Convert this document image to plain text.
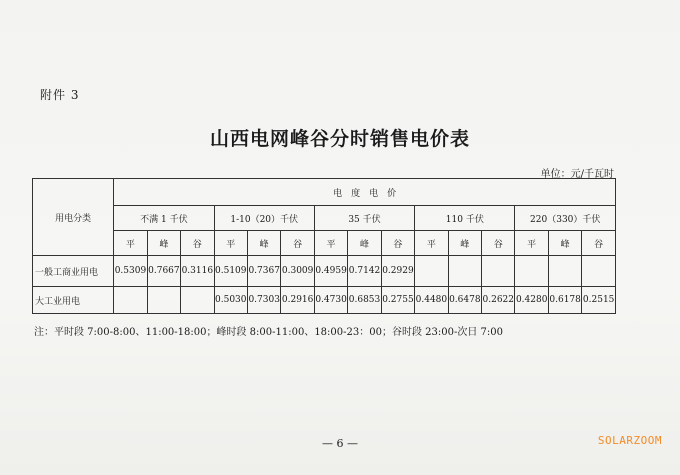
附件 3
山西电网峰谷分时销售电价表
单位：元/千瓦时
用电分类	电　度　电　价														
	不满 1 千伏			1-10（20）千伏			35 千伏			110 千伏			220（330）千伏		
	平	峰	谷	平	峰	谷	平	峰	谷	平	峰	谷	平	峰	谷
一般工商业用电	0.5309	0.7667	0.3116	0.5109	0.7367	0.3009	0.4959	0.7142	0.2929						
大工业用电				0.5030	0.7303	0.2916	0.4730	0.6853	0.2755	0.4480	0.6478	0.2622	0.4280	0.6178	0.2515
注：平时段 7:00-8:00、11:00-18:00；峰时段 8:00-11:00、18:00-23：00；谷时段 23:00-次日 7:00
— 6 —	SOLARZOOM
